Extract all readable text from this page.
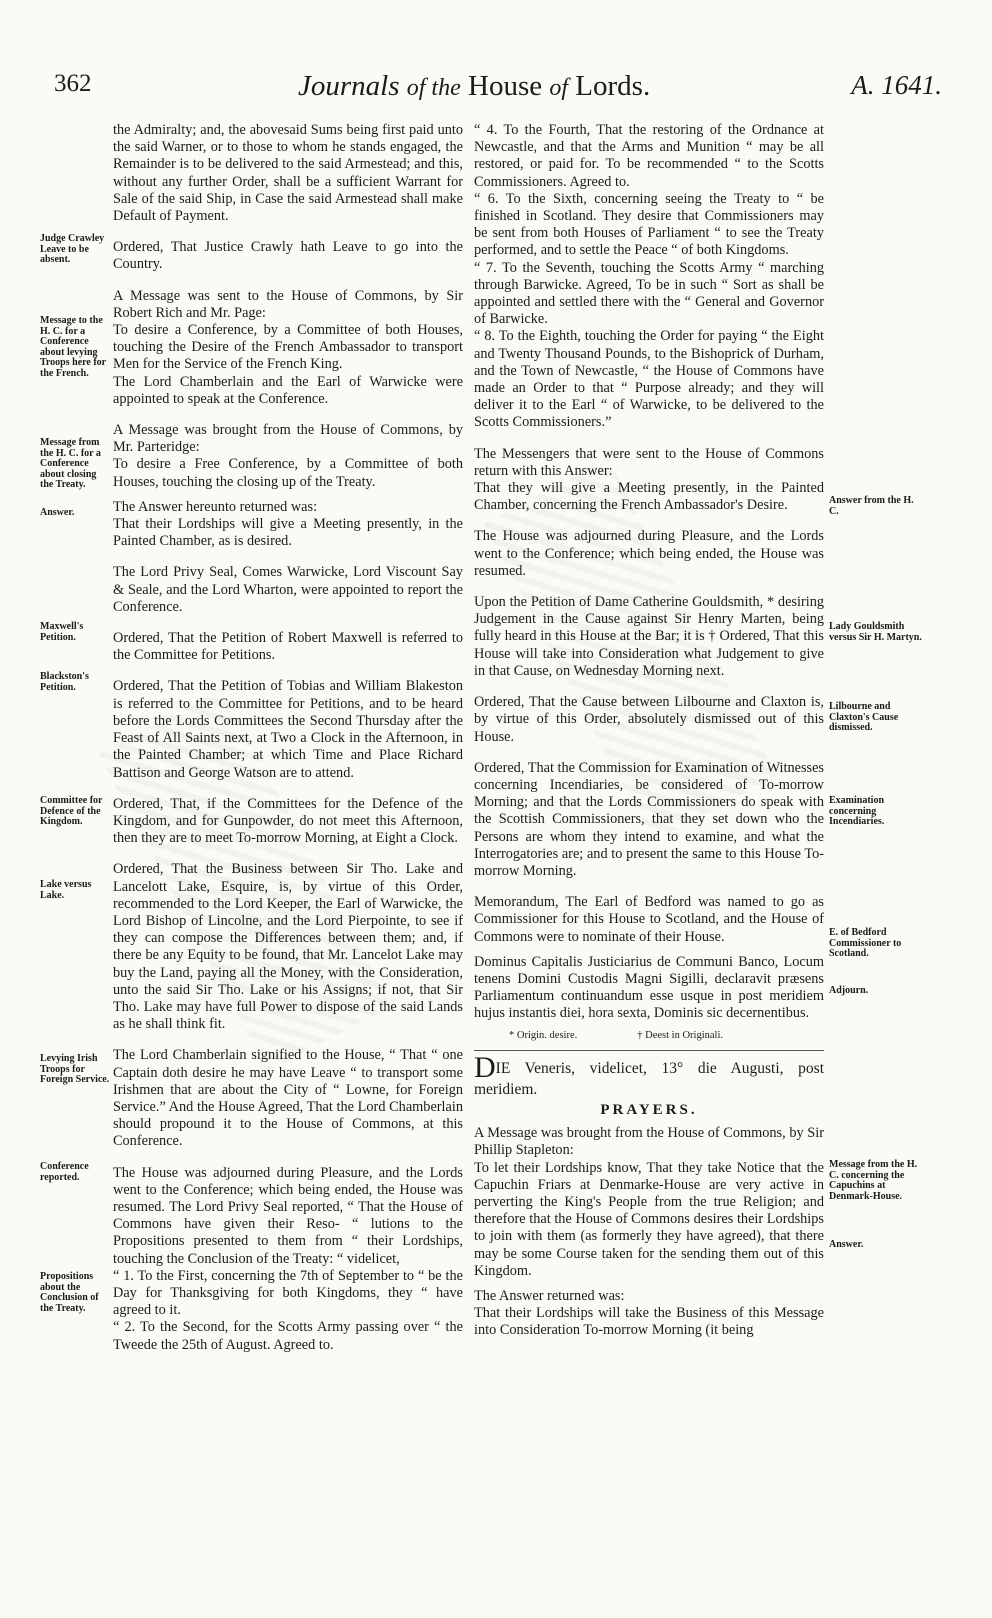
362	Journals of the House of Lords.	A. 1641.
Judge Crawley Leave to be absent.
Message to the H. C. for a Conference about levying Troops here for the French.
Message from the H. C. for a Conference about closing the Treaty.
Answer.
Maxwell's Petition.
Blackston's Petition.
Committee for Defence of the Kingdom.
Lake versus Lake.
Levying Irish Troops for Foreign Service.
Conference reported.
Propositions about the Conclusion of the Treaty.
Answer from the H. C.
Lady Gouldsmith versus Sir H. Martyn.
Lilbourne and Claxton's Cause dismissed.
Examination concerning Incendiaries.
E. of Bedford Commissioner to Scotland.
Adjourn.
Message from the H. C. concerning the Capuchins at Denmark-House.
Answer.

the Admiralty; and, the abovesaid Sums being first paid unto the said Warner, or to those to whom he stands engaged, the Remainder is to be delivered to the said Armestead; and this, without any further Order, shall be a sufficient Warrant for Sale of the said Ship, in Case the said Armestead shall make Default of Payment.

Ordered, That Justice Crawly hath Leave to go into the Country.

A Message was sent to the House of Commons, by Sir Robert Rich and Mr. Page:

To desire a Conference, by a Committee of both Houses, touching the Desire of the French Ambassador to transport Men for the Service of the French King.

The Lord Chamberlain and the Earl of Warwicke were appointed to speak at the Conference.

A Message was brought from the House of Commons, by Mr. Parteridge:

To desire a Free Conference, by a Committee of both Houses, touching the closing up of the Treaty.

The Answer hereunto returned was:

That their Lordships will give a Meeting presently, in the Painted Chamber, as is desired.

The Lord Privy Seal, Comes Warwicke, Lord Viscount Say & Seale, and the Lord Wharton, were appointed to report the Conference.

Ordered, That the Petition of Robert Maxwell is referred to the Committee for Petitions.

Ordered, That the Petition of Tobias and William Blakeston is referred to the Committee for Petitions, and to be heard before the Lords Committees the Second Thursday after the Feast of All Saints next, at Two a Clock in the Afternoon, in the Painted Chamber; at which Time and Place Richard Battison and George Watson are to attend.

Ordered, That, if the Committees for the Defence of the Kingdom, and for Gunpowder, do not meet this Afternoon, then they are to meet To-morrow Morning, at Eight a Clock.

Ordered, That the Business between Sir Tho. Lake and Lancelott Lake, Esquire, is, by virtue of this Order, recommended to the Lord Keeper, the Earl of Warwicke, the Lord Bishop of Lincolne, and the Lord Pierpointe, to see if they can compose the Differences between them; and, if there be any Equity to be found, that Mr. Lancelot Lake may buy the Land, paying all the Money, with the Consideration, unto the said Sir Tho. Lake or his Assigns; if not, that Sir Tho. Lake may have full Power to dispose of the said Lands as he shall think fit.

The Lord Chamberlain signified to the House, “ That “ one Captain doth desire he may have Leave “ to transport some Irishmen that are about the City of “ Lowne, for Foreign Service.” And the House Agreed, That the Lord Chamberlain should propound it to the House of Commons, at this Conference.

The House was adjourned during Pleasure, and the Lords went to the Conference; which being ended, the House was resumed. The Lord Privy Seal reported, “ That the House of Commons have given their Reso- “ lutions to the Propositions presented to them from “ their Lordships, touching the Conclusion of the Treaty: “ videlicet,

“ 1. To the First, concerning the 7th of September to “ be the Day for Thanksgiving for both Kingdoms, they “ have agreed to it.

“ 2. To the Second, for the Scotts Army passing over “ the Tweede the 25th of August. Agreed to.

“ 4. To the Fourth, That the restoring of the Ordnance at Newcastle, and that the Arms and Munition “ may be all restored, or paid for. To be recommended “ to the Scotts Commissioners. Agreed to.

“ 6. To the Sixth, concerning seeing the Treaty to “ be finished in Scotland. They desire that Commissioners may be sent from both Houses of Parliament “ to see the Treaty performed, and to settle the Peace “ of both Kingdoms.

“ 7. To the Seventh, touching the Scotts Army “ marching through Barwicke. Agreed, To be in such “ Sort as shall be appointed and settled there with the “ General and Governor of Barwicke.

“ 8. To the Eighth, touching the Order for paying “ the Eight and Twenty Thousand Pounds, to the Bishoprick of Durham, and the Town of Newcastle, “ the House of Commons have made an Order to that “ Purpose already; and they will deliver it to the Earl “ of Warwicke, to be delivered to the Scotts Commissioners.”

The Messengers that were sent to the House of Commons return with this Answer:

That they will give a Meeting presently, in the Painted Chamber, concerning the French Ambassador's Desire.

The House was adjourned during Pleasure, and the Lords went to the Conference; which being ended, the House was resumed.

Upon the Petition of Dame Catherine Gouldsmith, * desiring Judgement in the Cause against Sir Henry Marten, being fully heard in this House at the Bar; it is † Ordered, That this House will take into Consideration what Judgement to give in that Cause, on Wednesday Morning next.

Ordered, That the Cause between Lilbourne and Claxton is, by virtue of this Order, absolutely dismissed out of this House.

Ordered, That the Commission for Examination of Witnesses concerning Incendiaries, be considered of To-morrow Morning; and that the Lords Commissioners do speak with the Scottish Commissioners, that they set down who the Persons are whom they intend to examine, and what the Interrogatories are; and to present the same to this House To-morrow Morning.

Memorandum, The Earl of Bedford was named to go as Commissioner for this House to Scotland, and the House of Commons were to nominate of their House.

Dominus Capitalis Justiciarius de Communi Banco, Locum tenens Domini Custodis Magni Sigilli, declaravit præsens Parliamentum continuandum esse usque in post meridiem hujus instantis diei, hora sexta, Dominis sic decernentibus.

* Origin. desire.	† Deest in Originali.
DIE Veneris, videlicet, 13° die Augusti, post meridiem.
PRAYERS.

A Message was brought from the House of Commons, by Sir Phillip Stapleton:

To let their Lordships know, That they take Notice that the Capuchin Friars at Denmarke-House are very active in perverting the King's People from the true Religion; and therefore that the House of Commons desires their Lordships to join with them (as formerly they have agreed), that there may be some Course taken for the sending them out of this Kingdom.

The Answer returned was:

That their Lordships will take the Business of this Message into Consideration To-morrow Morning (it being
